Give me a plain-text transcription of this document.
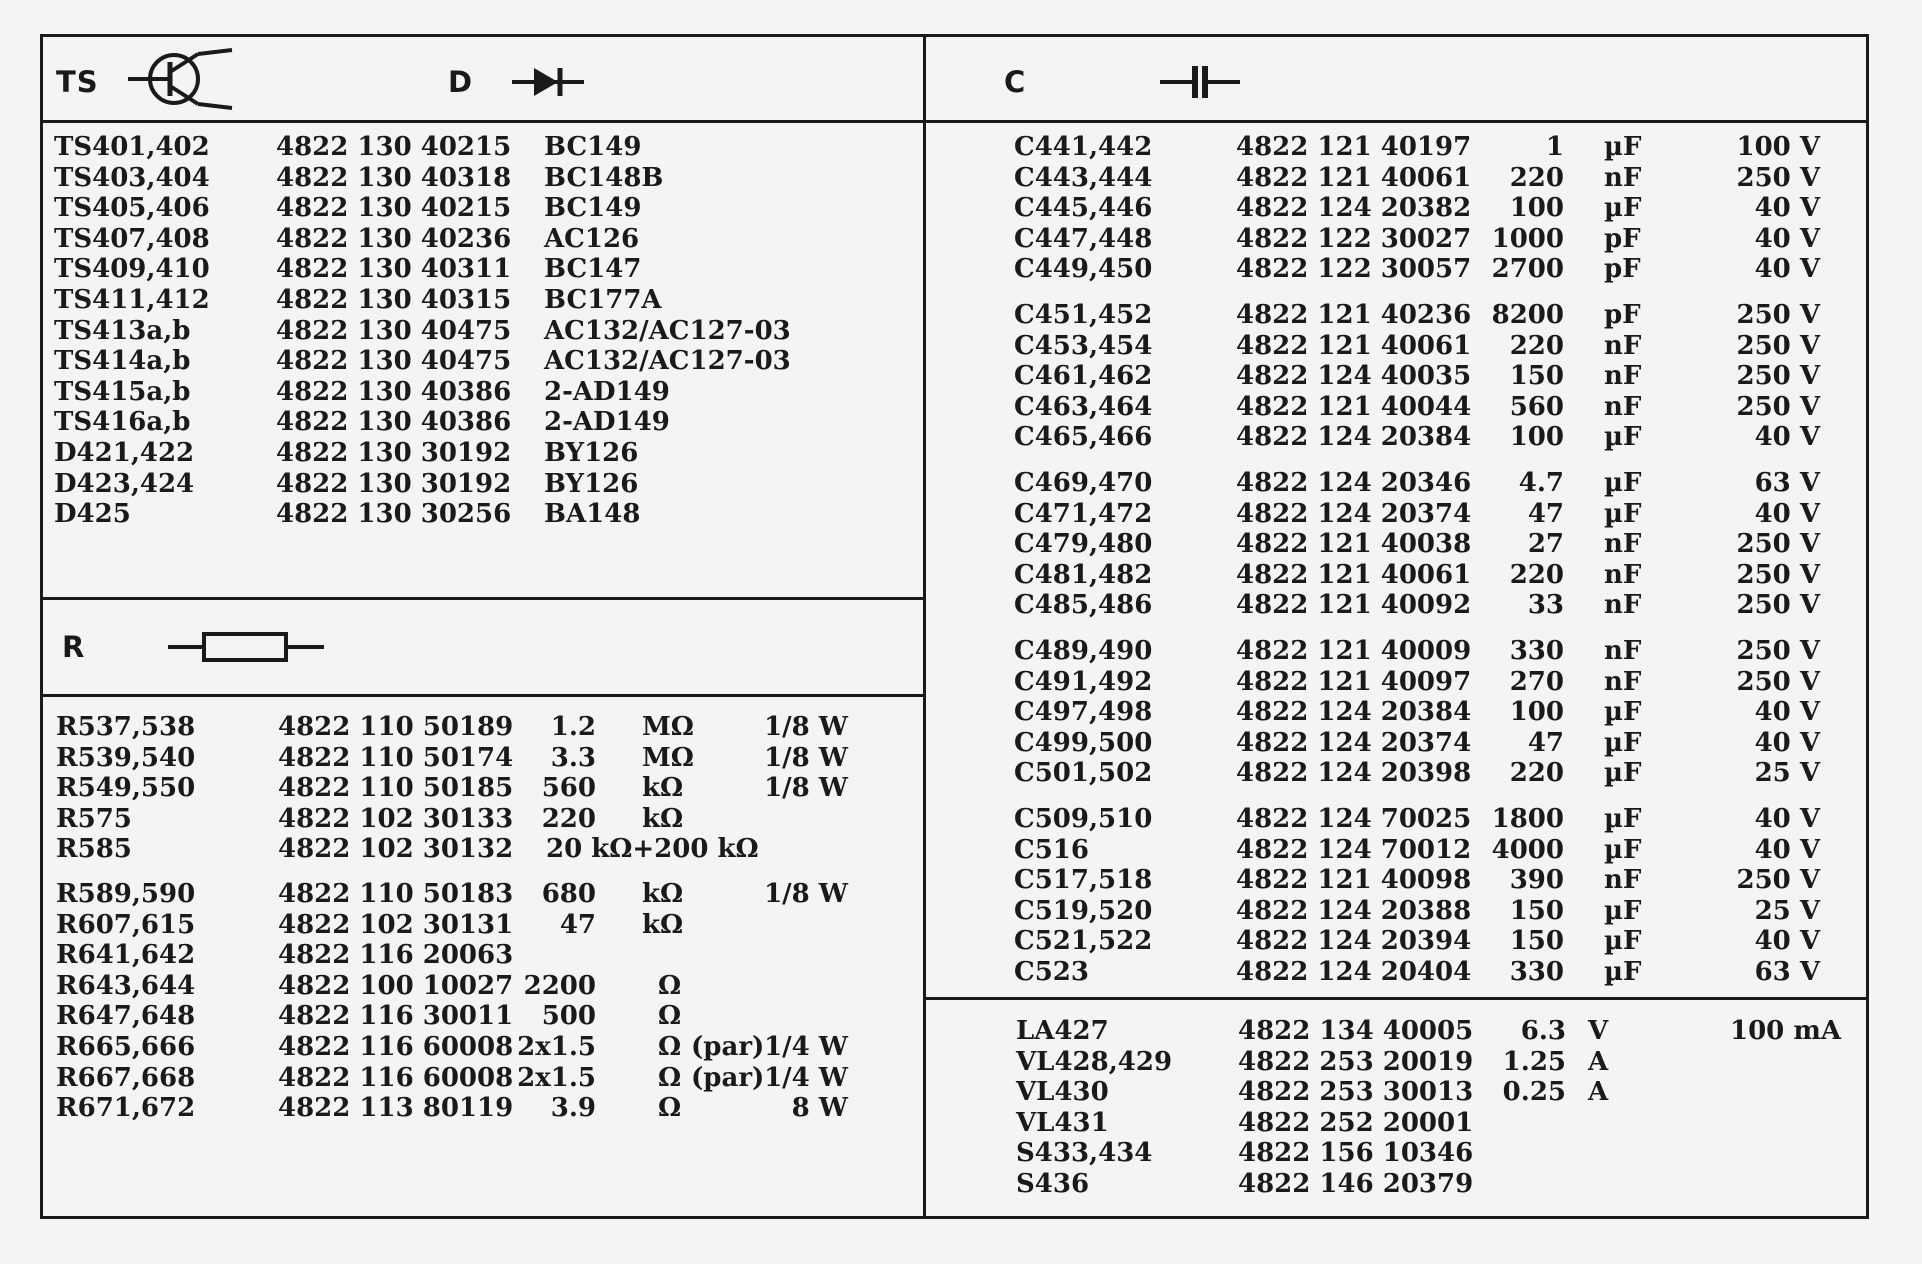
TS	D	C
R
TS401,402	4822 130 40215 BC149
TS403,404	4822 130 40318 BC148B
TS405,406	4822 130 40215 BC149
TS407,408	4822 130 40236 AC126
TS409,410	4822 130 40311 BC147
TS411,412	4822 130 40315 BC177A
TS413a,b	4822 130 40475 AC132/AC127-03
TS414a,b	4822 130 40475 AC132/AC127-03
TS415a,b	4822 130 40386 2-AD149
TS416a,b	4822 130 40386 2-AD149
D421,422	4822 130 30192 BY126
D423,424	4822 130 30192 BY126
D425	4822 130 30256 BA148
R537,538	4822 110 50189	1.2 MΩ	1/8 W
R539,540	4822 110 50174	3.3 MΩ	1/8 W
R549,550	4822 110 50185	560 kΩ	1/8 W
R575	4822 102 30133	220 kΩ
R585	4822 102 30132 20 kΩ+200 kΩ
R589,590	4822 110 50183	680 kΩ	1/8 W
R607,615	4822 102 30131	47 kΩ
R641,642	4822 116 20063
R643,644	4822 100 10027 2200 Ω
R647,648	4822 116 30011	500 Ω
R665,666	4822 116 60008 2x1.5 Ω (par) 1/4 W
R667,668	4822 116 60008 2x1.5 Ω (par) 1/4 W
R671,672	4822 113 80119	3.9 Ω	8 W
C441,442	4822 121 40197	1 µF	100 V
C443,444	4822 121 40061	220 nF	250 V
C445,446	4822 124 20382	100 µF	40 V
C447,448	4822 122 30027 1000 pF	40 V
C449,450	4822 122 30057 2700 pF	40 V
C451,452	4822 121 40236 8200 pF	250 V
C453,454	4822 121 40061	220 nF	250 V
C461,462	4822 124 40035	150 nF	250 V
C463,464	4822 121 40044	560 nF	250 V
C465,466	4822 124 20384	100 µF	40 V
C469,470	4822 124 20346	4.7 µF	63 V
C471,472	4822 124 20374	47 µF	40 V
C479,480	4822 121 40038	27 nF	250 V
C481,482	4822 121 40061	220 nF	250 V
C485,486	4822 121 40092	33 nF	250 V
C489,490	4822 121 40009	330 nF	250 V
C491,492	4822 121 40097	270 nF	250 V
C497,498	4822 124 20384	100 µF	40 V
C499,500	4822 124 20374	47 µF	40 V
C501,502	4822 124 20398	220 µF	25 V
C509,510	4822 124 70025 1800 µF	40 V
C516	4822 124 70012 4000 µF	40 V
C517,518	4822 121 40098	390 nF	250 V
C519,520	4822 124 20388	150 µF	25 V
C521,522	4822 124 20394	150 µF	40 V
C523	4822 124 20404	330 µF	63 V
LA427	4822 134 40005	6.3 V	100 mA
VL428,429	4822 253 20019	1.25 A
VL430	4822 253 30013	0.25 A
VL431	4822 252 20001
S433,434	4822 156 10346
S436	4822 146 20379
